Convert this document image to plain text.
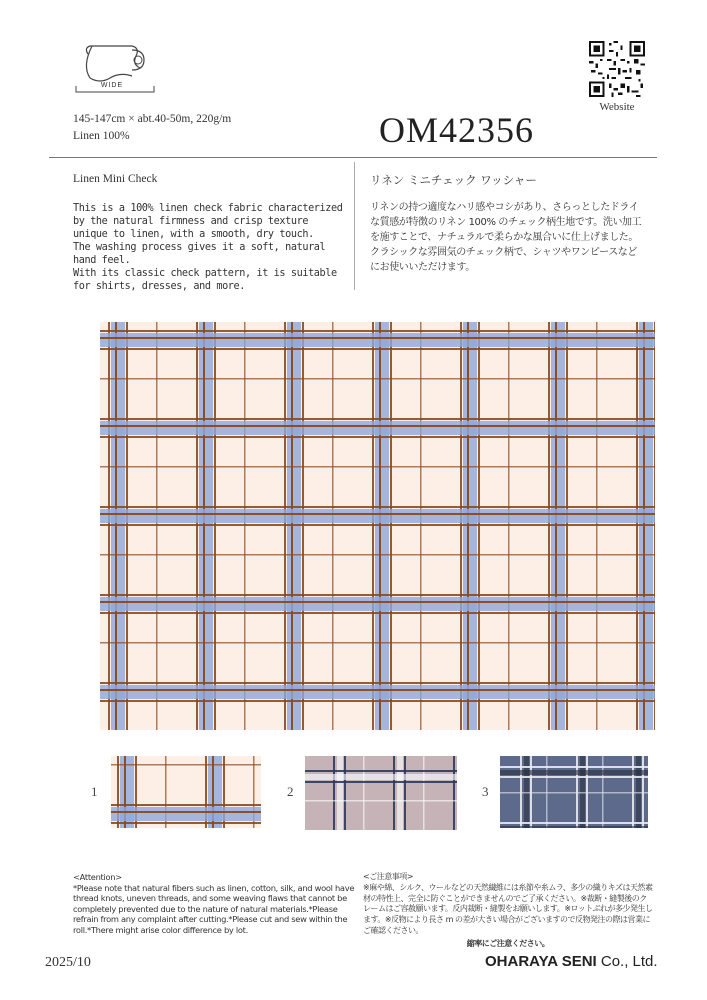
WIDE
Website
145-147cm × abt.40-50m, 220g/m
Linen 100%	OM42356
Linen Mini Check	リネン ミニチェック ワッシャー

This is a 100% linen check fabric characterized by the natural firmness and crisp texture unique to linen, with a smooth, dry touch.

The washing process gives it a soft, natural hand feel.

With its classic check pattern, it is suitable for shirts, dresses, and more.

リネンの持つ適度なハリ感やコシがあり、さらっとしたドライな質感が特徴のリネン 100% のチェック柄生地です。洗い加工を施すことで、ナチュラルで柔らかな風合いに仕上げました。クラシックな雰囲気のチェック柄で、シャツやワンピースなどにお使いいただけます。
1	2	3
<Attention>
*Please note that natural fibers such as linen, cotton, silk, and wool have thread knots, uneven threads, and some weaving flaws that cannot be completely prevented due to the nature of natural materials.*Please refrain from any complaint after cutting.*Please cut and sew within the roll.*There might arise color difference by lot.
<ご注意事項>
※麻や綿、シルク、ウールなどの天然繊維には糸節や糸ムラ、多少の織りキズは天然素材の特性上、完全に防ぐことができませんのでご了承ください。※裁断・縫製後のクレームはご容赦願います。反内裁断・縫製をお願いします。※ロットぶれが多少発生します。※反物により長さ m の差が大きい場合がございますので反物発注の際は営業にご確認ください。
縮率にご注意ください。
2025/10	OHARAYA SENI Co., Ltd.
